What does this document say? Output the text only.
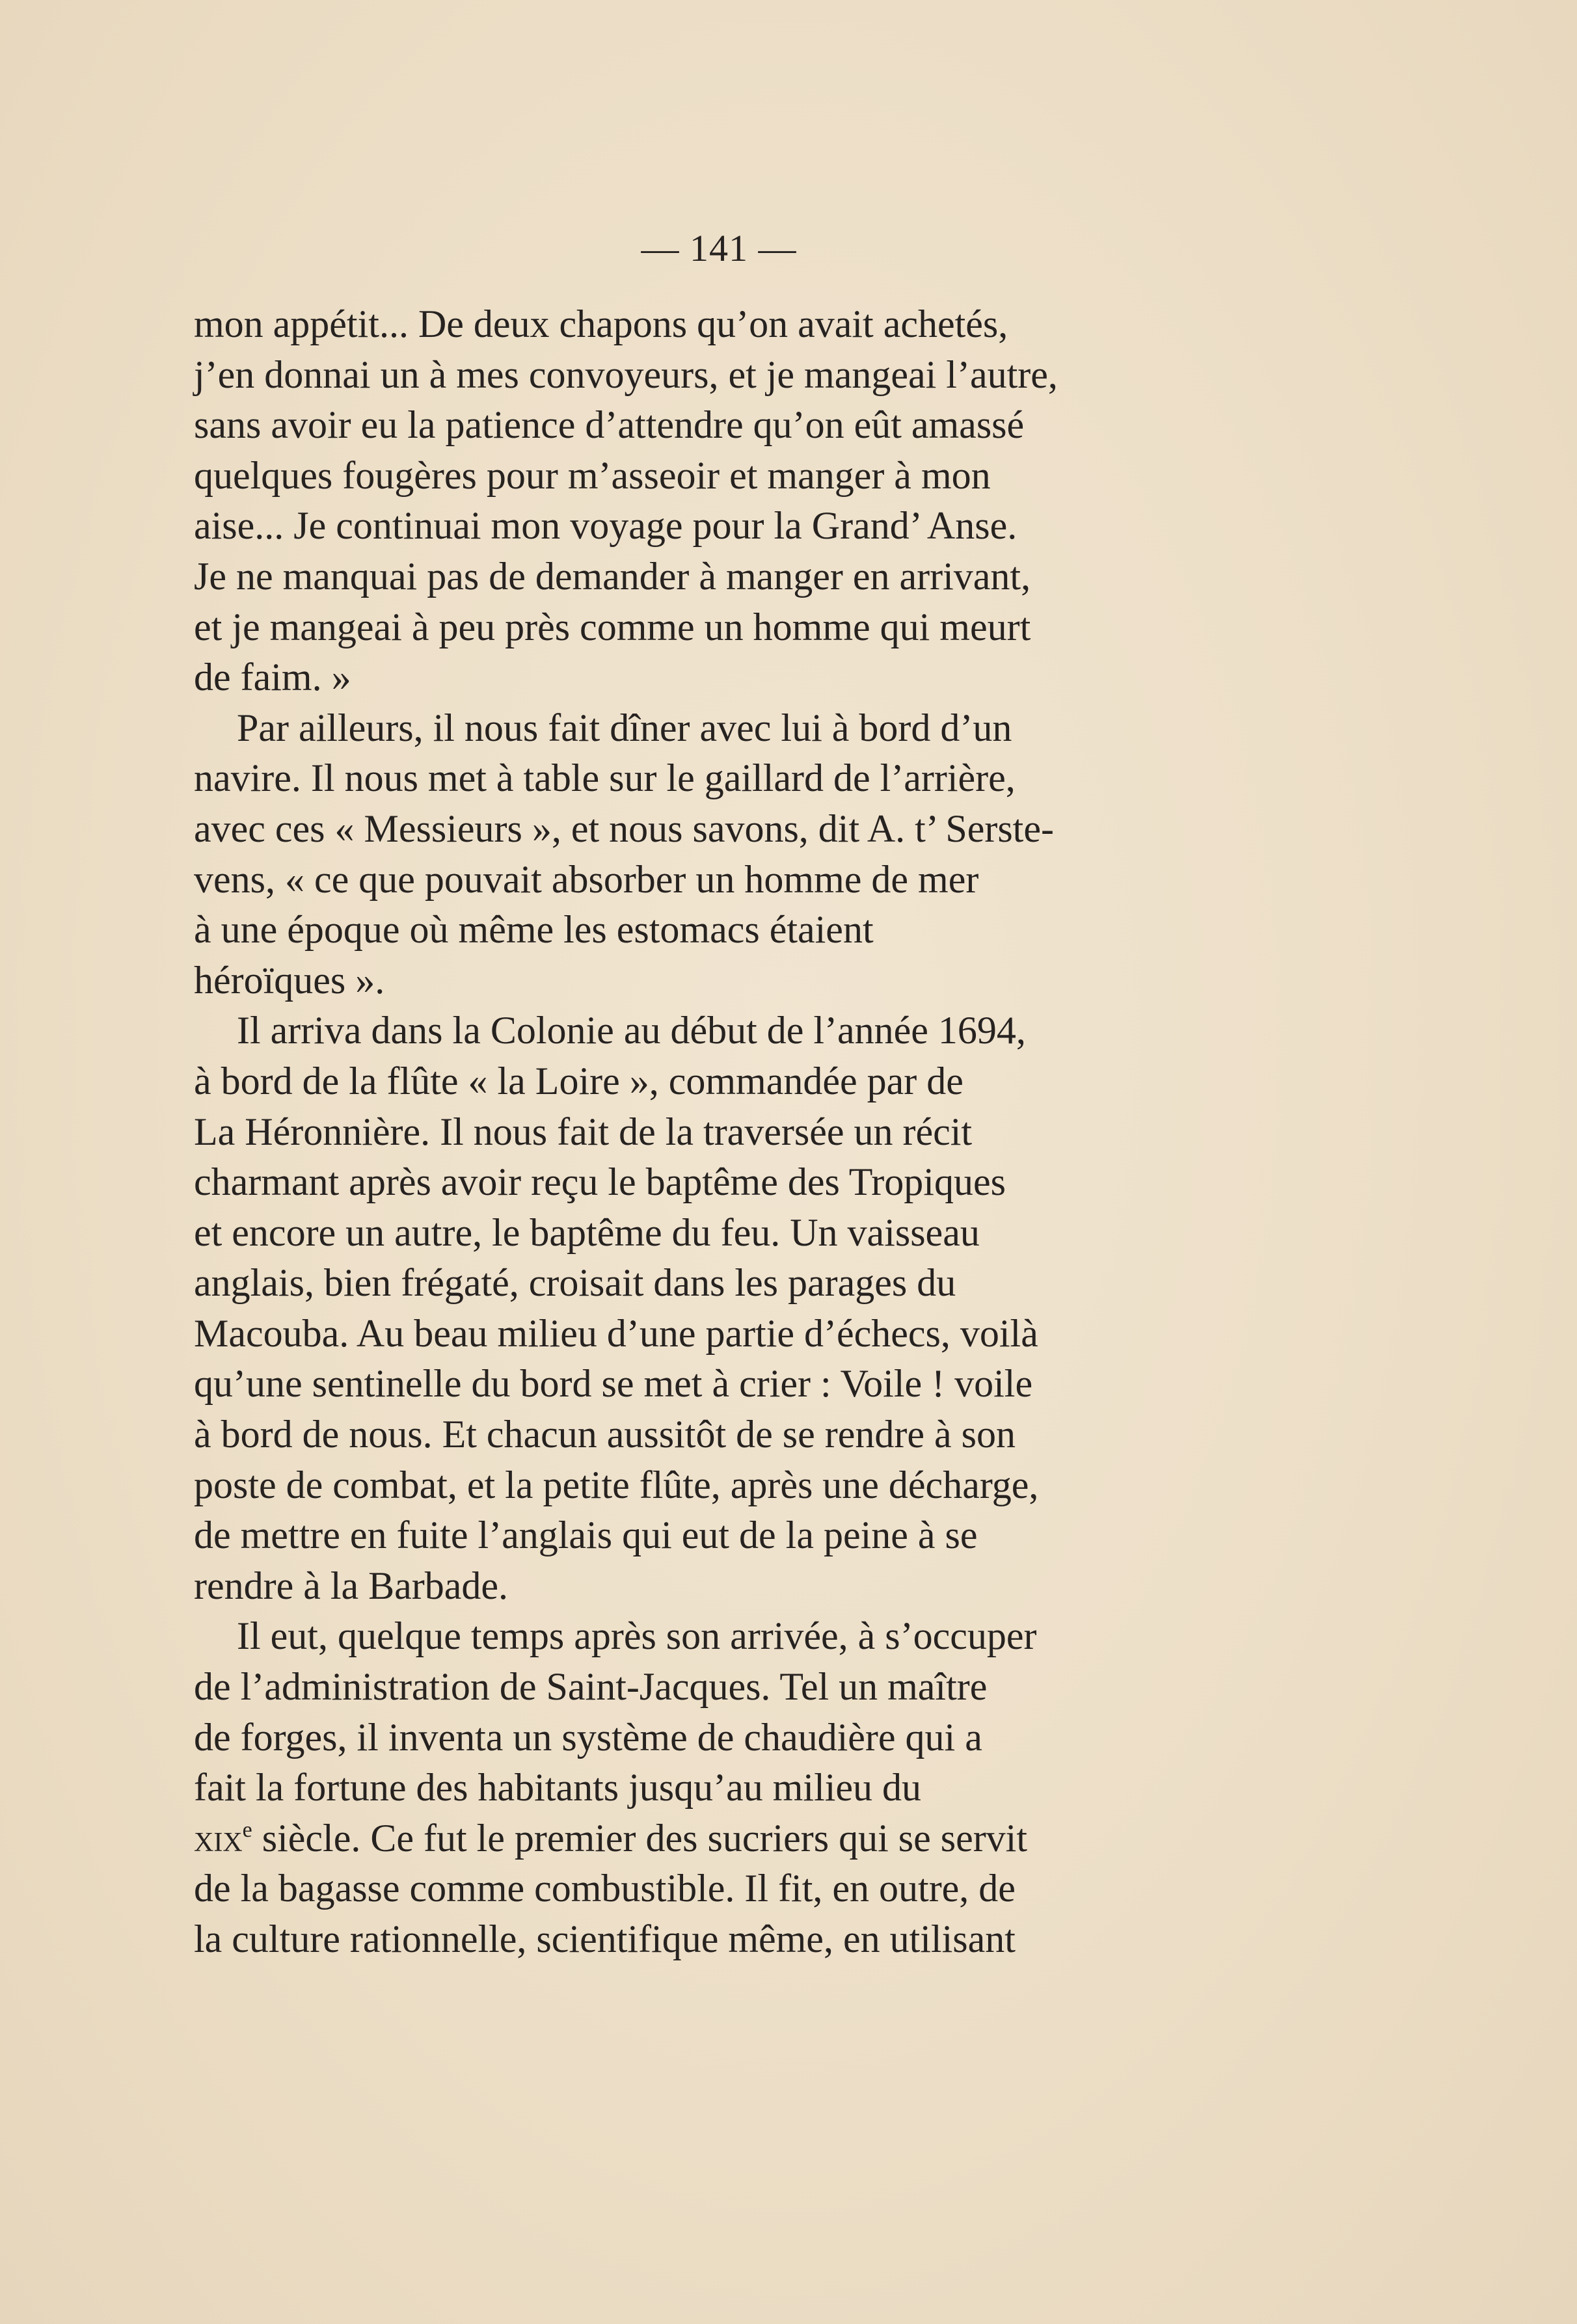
— 141 —
mon appétit... De deux chapons qu’on avait achetés,
j’en donnai un à mes convoyeurs, et je mangeai l’autre,
sans avoir eu la patience d’attendre qu’on eût amassé
quelques fougères pour m’asseoir et manger à mon
aise... Je continuai mon voyage pour la Grand’ Anse.
Je ne manquai pas de demander à manger en arrivant,
et je mangeai à peu près comme un homme qui meurt
de faim. »
Par ailleurs, il nous fait dîner avec lui à bord d’un
navire. Il nous met à table sur le gaillard de l’arrière,
avec ces « Messieurs », et nous savons, dit A. t’ Serste-
vens, « ce que pouvait absorber un homme de mer
à une époque où même les estomacs étaient
héroïques ».
Il arriva dans la Colonie au début de l’année 1694,
à bord de la flûte « la Loire », commandée par de
La Héronnière. Il nous fait de la traversée un récit
charmant après avoir reçu le baptême des Tropiques
et encore un autre, le baptême du feu. Un vaisseau
anglais, bien frégaté, croisait dans les parages du
Macouba. Au beau milieu d’une partie d’échecs, voilà
qu’une sentinelle du bord se met à crier : Voile ! voile
à bord de nous. Et chacun aussitôt de se rendre à son
poste de combat, et la petite flûte, après une décharge,
de mettre en fuite l’anglais qui eut de la peine à se
rendre à la Barbade.
Il eut, quelque temps après son arrivée, à s’occuper
de l’administration de Saint-Jacques. Tel un maître
de forges, il inventa un système de chaudière qui a
fait la fortune des habitants jusqu’au milieu du
xix$^e$ siècle. Ce fut le premier des sucriers qui se servit
de la bagasse comme combustible. Il fit, en outre, de
la culture rationnelle, scientifique même, en utilisant
